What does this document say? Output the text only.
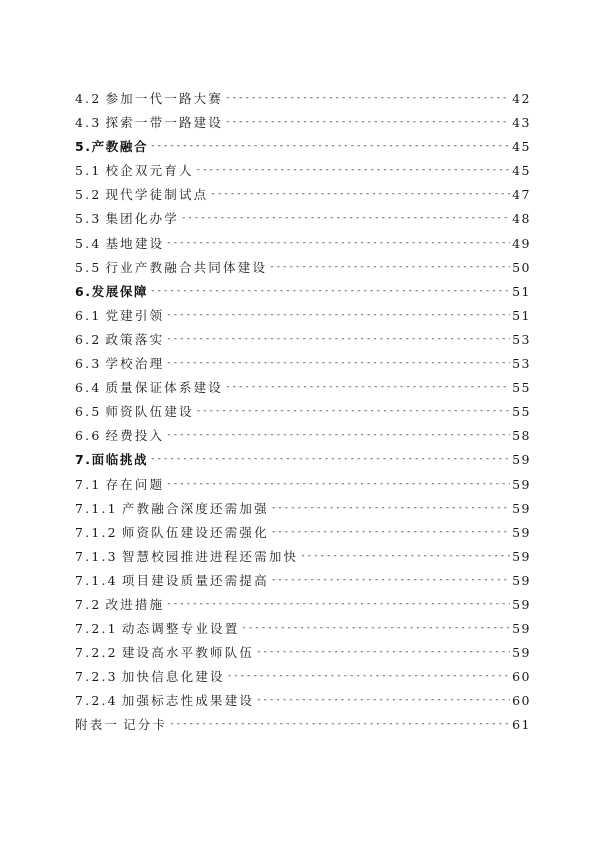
4.2 参加一代一路大赛 - - -	42
4.3 探索一带一路建设 - - -	43
5. 产教融合 - - -	45
5.1 校企双元育人 - - -	45
5.2 现代学徒制试点 - - -	47
5.3 集团化办学 - - -	48
5.4 基地建设 - - -	49
5.5 行业产教融合共同体建设 - - -	50
6. 发展保障 - - -	51
6.1 党建引领 - - -	51
6.2 政策落实 - - -	53
6.3 学校治理 - - -	53
6.4 质量保证体系建设 - - -	55
6.5 师资队伍建设 - - -	55
6.6 经费投入 - - -	58
7. 面临挑战 - - -	59
7.1 存在问题 - - -	59
7.1.1 产教融合深度还需加强 - - -	59
7.1.2 师资队伍建设还需强化 - - -	59
7.1.3 智慧校园推进进程还需加快 - - -	59
7.1.4 项目建设质量还需提高 - - -	59
7.2 改进措施 - - -	59
7.2.1 动态调整专业设置 - - -	59
7.2.2 建设高水平教师队伍 - - -	59
7.2.3 加快信息化建设 - - -	60
7.2.4 加强标志性成果建设 - - -	60
附表一 记分卡 - - -	61
